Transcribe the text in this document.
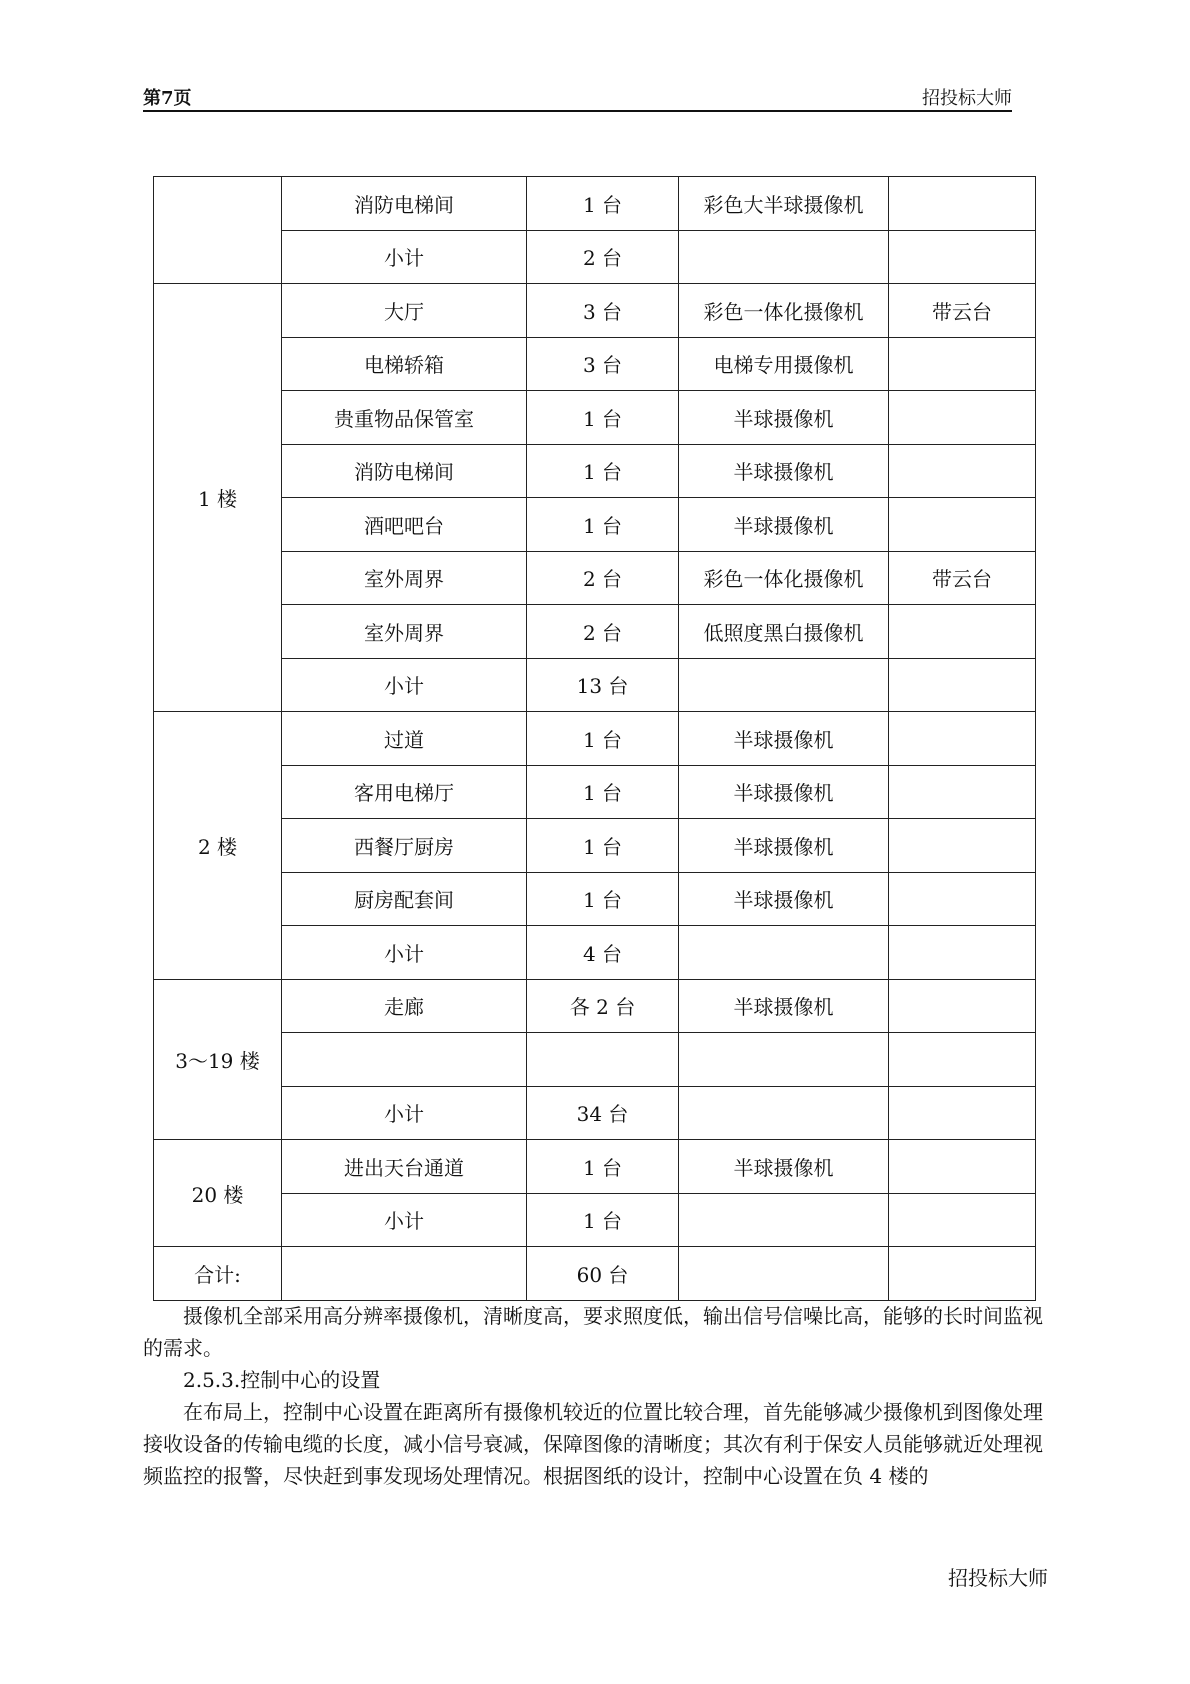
第7页	招投标大师
	消防电梯间	1 台	彩色大半球摄像机	
	小计	2 台		
1 楼	大厅	3 台	彩色一体化摄像机	带云台
	电梯轿箱	3 台	电梯专用摄像机	
	贵重物品保管室	1 台	半球摄像机	
	消防电梯间	1 台	半球摄像机	
	酒吧吧台	1 台	半球摄像机	
	室外周界	2 台	彩色一体化摄像机	带云台
	室外周界	2 台	低照度黑白摄像机	
	小计	13 台		
2 楼	过道	1 台	半球摄像机	
	客用电梯厅	1 台	半球摄像机	
	西餐厅厨房	1 台	半球摄像机	
	厨房配套间	1 台	半球摄像机	
	小计	4 台		
3～19 楼	走廊	各 2 台	半球摄像机	

	小计	34 台		
20 楼	进出天台通道	1 台	半球摄像机	
	小计	1 台		
合计:		60 台		

摄像机全部采用高分辨率摄像机，清晰度高，要求照度低，输出信号信噪比高，能够的长时间监视的需求。

2.5.3.控制中心的设置

在布局上，控制中心设置在距离所有摄像机较近的位置比较合理，首先能够减少摄像机到图像处理接收设备的传输电缆的长度，减小信号衰减，保障图像的清晰度；其次有利于保安人员能够就近处理视频监控的报警，尽快赶到事发现场处理情况。根据图纸的设计，控制中心设置在负 4 楼的

招投标大师
